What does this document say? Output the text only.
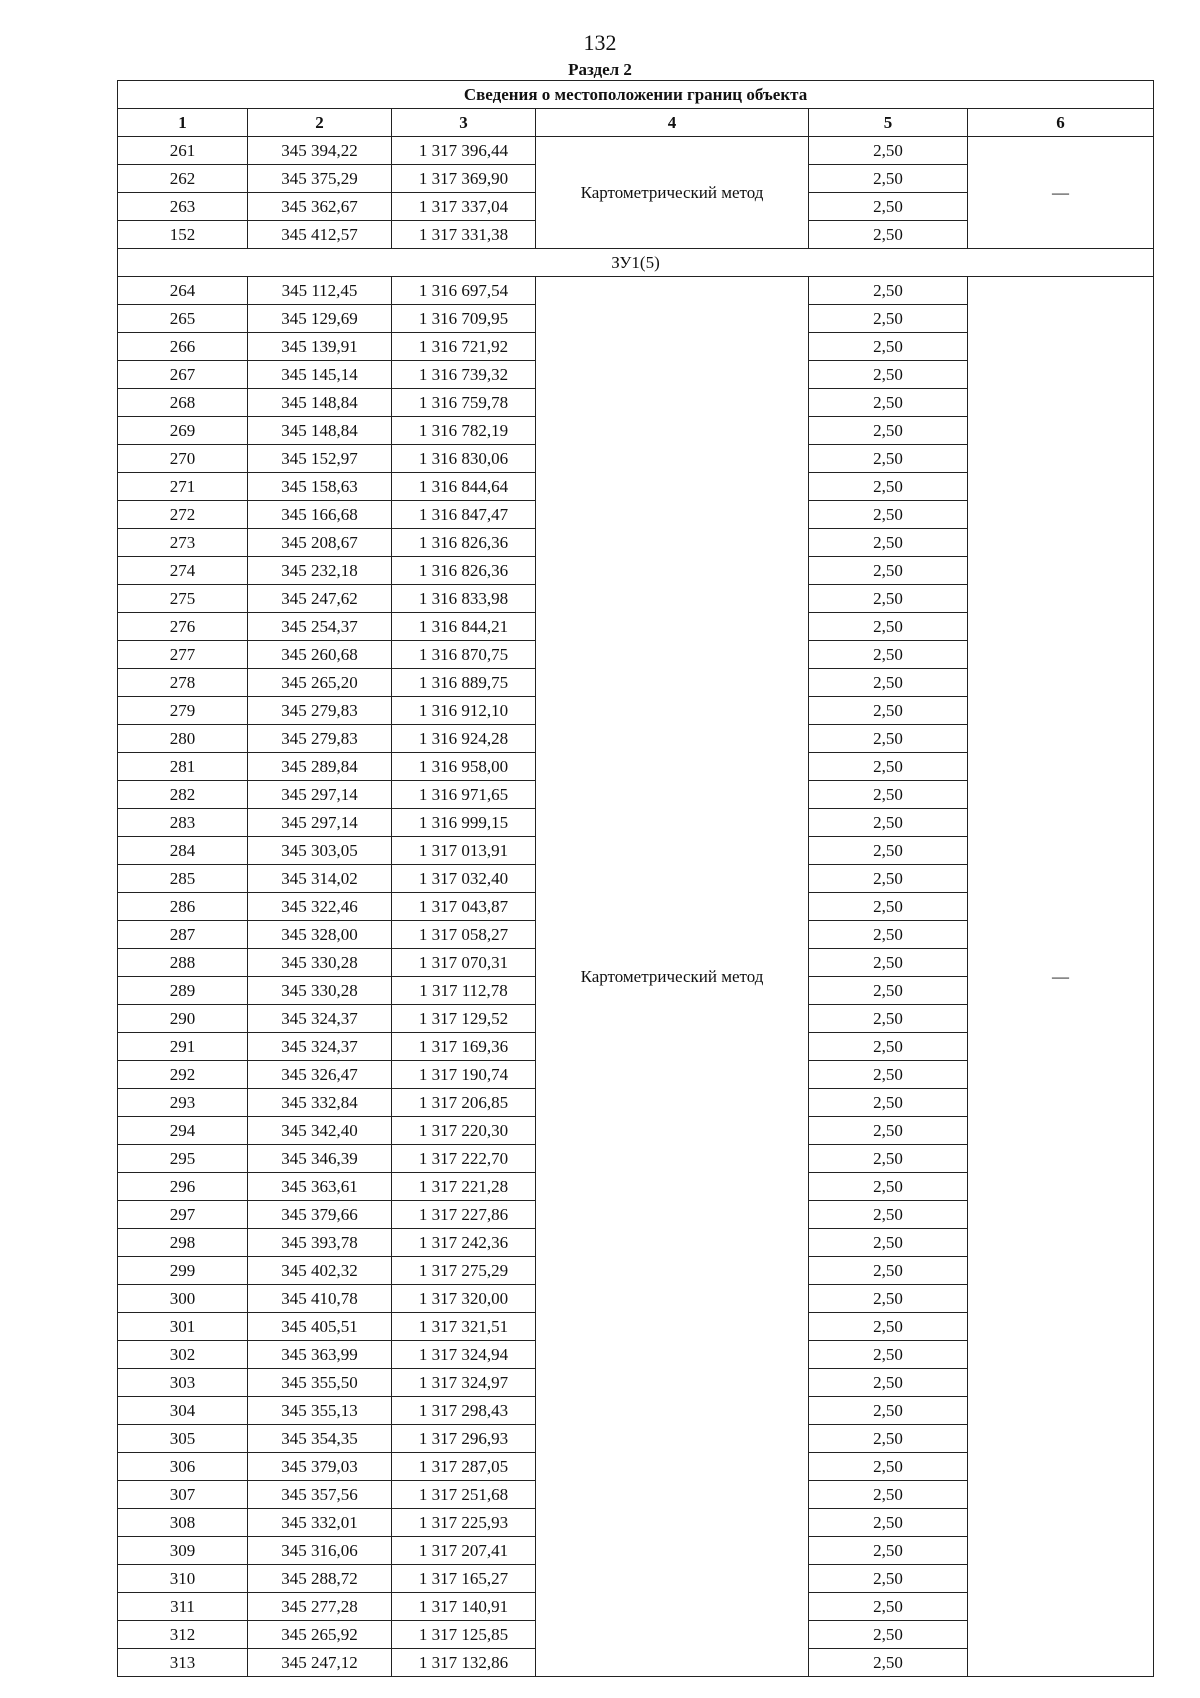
132
Раздел 2
Сведения о местоположении границ объекта					
1	2	3	4	5	6
261	345 394,22	1 317 396,44	Картометрический метод	2,50	—
262	345 375,29	1 317 369,90		2,50	
263	345 362,67	1 317 337,04		2,50	
152	345 412,57	1 317 331,38		2,50	
ЗУ1(5)					
264	345 112,45	1 316 697,54	Картометрический метод	2,50	—
265	345 129,69	1 316 709,95		2,50	
266	345 139,91	1 316 721,92		2,50	
267	345 145,14	1 316 739,32		2,50	
268	345 148,84	1 316 759,78		2,50	
269	345 148,84	1 316 782,19		2,50	
270	345 152,97	1 316 830,06		2,50	
271	345 158,63	1 316 844,64		2,50	
272	345 166,68	1 316 847,47		2,50	
273	345 208,67	1 316 826,36		2,50	
274	345 232,18	1 316 826,36		2,50	
275	345 247,62	1 316 833,98		2,50	
276	345 254,37	1 316 844,21		2,50	
277	345 260,68	1 316 870,75		2,50	
278	345 265,20	1 316 889,75		2,50	
279	345 279,83	1 316 912,10		2,50	
280	345 279,83	1 316 924,28		2,50	
281	345 289,84	1 316 958,00		2,50	
282	345 297,14	1 316 971,65		2,50	
283	345 297,14	1 316 999,15		2,50	
284	345 303,05	1 317 013,91		2,50	
285	345 314,02	1 317 032,40		2,50	
286	345 322,46	1 317 043,87		2,50	
287	345 328,00	1 317 058,27		2,50	
288	345 330,28	1 317 070,31		2,50	
289	345 330,28	1 317 112,78		2,50	
290	345 324,37	1 317 129,52		2,50	
291	345 324,37	1 317 169,36		2,50	
292	345 326,47	1 317 190,74		2,50	
293	345 332,84	1 317 206,85		2,50	
294	345 342,40	1 317 220,30		2,50	
295	345 346,39	1 317 222,70		2,50	
296	345 363,61	1 317 221,28		2,50	
297	345 379,66	1 317 227,86		2,50	
298	345 393,78	1 317 242,36		2,50	
299	345 402,32	1 317 275,29		2,50	
300	345 410,78	1 317 320,00		2,50	
301	345 405,51	1 317 321,51		2,50	
302	345 363,99	1 317 324,94		2,50	
303	345 355,50	1 317 324,97		2,50	
304	345 355,13	1 317 298,43		2,50	
305	345 354,35	1 317 296,93		2,50	
306	345 379,03	1 317 287,05		2,50	
307	345 357,56	1 317 251,68		2,50	
308	345 332,01	1 317 225,93		2,50	
309	345 316,06	1 317 207,41		2,50	
310	345 288,72	1 317 165,27		2,50	
311	345 277,28	1 317 140,91		2,50	
312	345 265,92	1 317 125,85		2,50	
313	345 247,12	1 317 132,86		2,50	
